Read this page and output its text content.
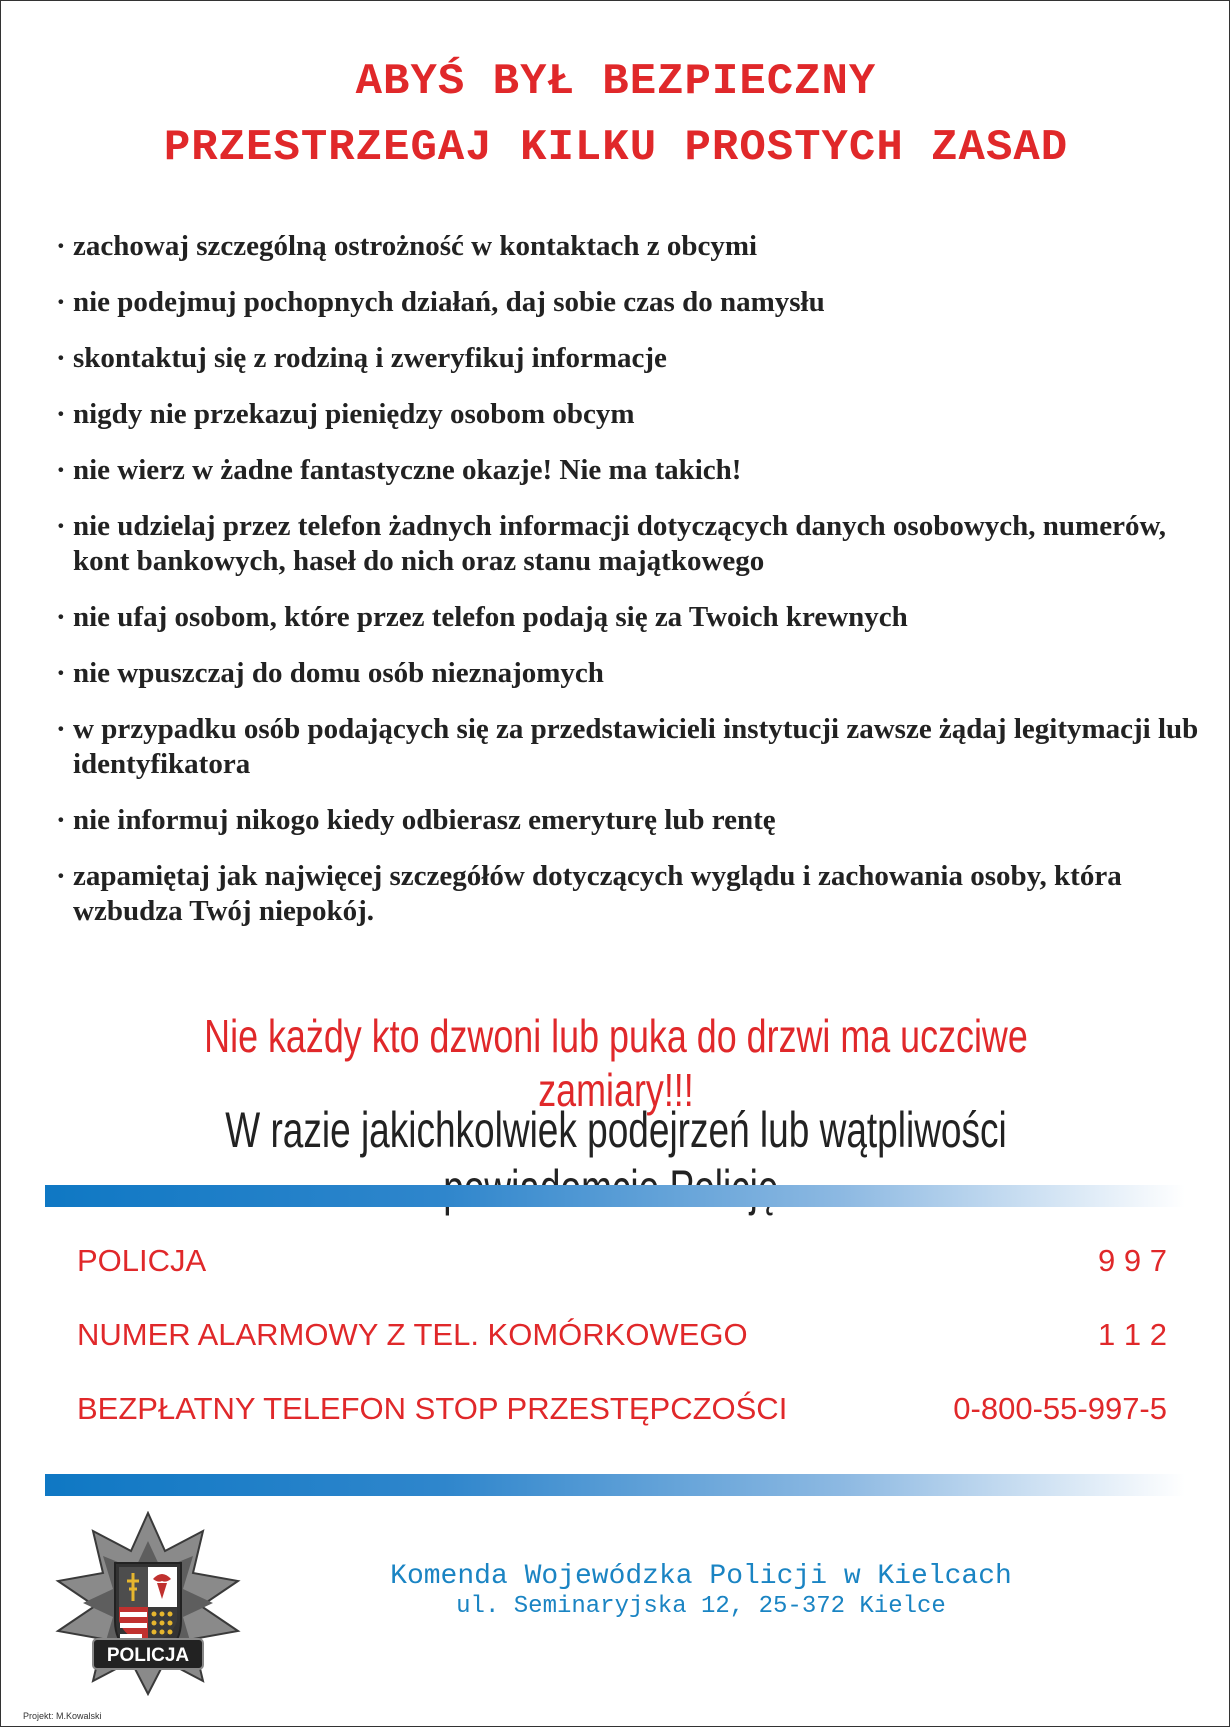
ABYŚ BYŁ BEZPIECZNY
PRZESTRZEGAJ KILKU PROSTYCH ZASAD
· zachowaj szczególną ostrożność w kontaktach z obcymi
· nie podejmuj pochopnych działań, daj sobie czas do namysłu
· skontaktuj się z rodziną i zweryfikuj informacje
· nigdy nie przekazuj pieniędzy osobom obcym
· nie wierz w żadne fantastyczne okazje! Nie ma takich!
· nie udzielaj przez telefon żadnych informacji dotyczących danych osobowych, numerów, kont bankowych, haseł do nich oraz stanu majątkowego
· nie ufaj osobom, które przez telefon podają się za Twoich krewnych
· nie wpuszczaj do domu osób nieznajomych
· w przypadku osób podających się za przedstawicieli instytucji zawsze żądaj legitymacji lub identyfikatora
· nie informuj nikogo kiedy odbierasz emeryturę lub rentę
· zapamiętaj jak najwięcej szczegółów dotyczących wyglądu i zachowania osoby, która wzbudza Twój niepokój.
Nie każdy kto dzwoni lub puka do drzwi ma uczciwe zamiary!!!
W razie jakichkolwiek podejrzeń lub wątpliwości
POLICJA	9 9 7
NUMER ALARMOWY Z TEL. KOMÓRKOWEGO	1 1 2
BEZPŁATNY TELEFON STOP PRZESTĘPCZOŚCI	0-800-55-997-5
POLICJA
Komenda Wojewódzka Policji w Kielcach
ul. Seminaryjska 12, 25-372 Kielce
Projekt: M.Kowalski
